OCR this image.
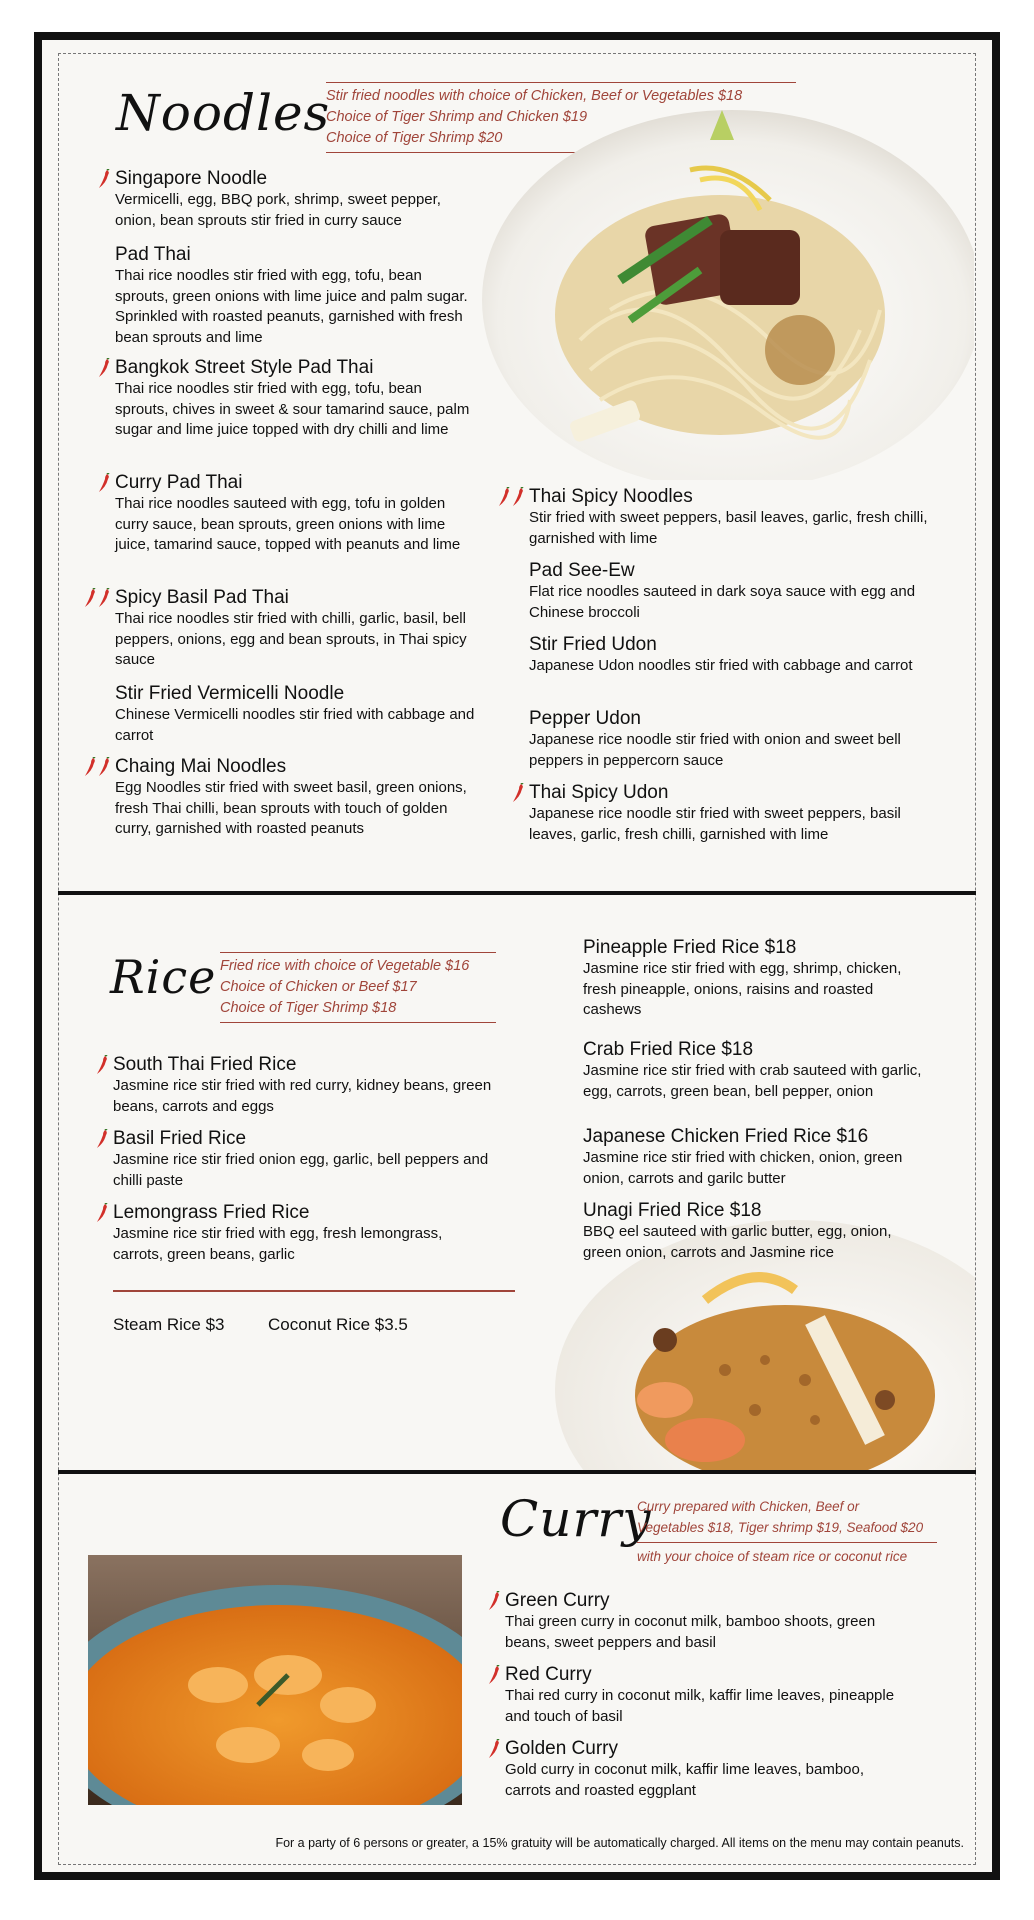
Noodles
Stir fried noodles with choice of Chicken, Beef or Vegetables $18
Choice of Tiger Shrimp and Chicken $19
Choice of Tiger Shrimp $20
Rice Fried rice with choice of Vegetable $16
Choice of Chicken or Beef $17
Choice of Tiger Shrimp $18
Steam Rice $3	Coconut Rice $3.5
Curry
Curry prepared with Chicken, Beef or
Vegetables $18, Tiger shrimp $19, Seafood $20
with your choice of steam rice or coconut rice
For a party of 6 persons or greater, a 15% gratuity will be automatically charged. All items on the menu may contain peanuts.
Singapore Noodle
Vermicelli, egg, BBQ pork, shrimp, sweet pepper, onion, bean sprouts stir fried in curry sauce
Pad Thai
Thai rice noodles stir fried with egg, tofu, bean sprouts, green onions with lime juice and palm sugar. Sprinkled with roasted peanuts, garnished with fresh bean sprouts and lime
Bangkok Street Style Pad Thai
Thai rice noodles stir fried with egg, tofu, bean sprouts, chives in sweet & sour tamarind sauce, palm sugar and lime juice topped with dry chilli and lime
Curry Pad Thai
Thai rice noodles sauteed with egg, tofu in golden curry sauce, bean sprouts, green onions with lime juice, tamarind sauce, topped with peanuts and lime
Spicy Basil Pad Thai
Thai rice noodles stir fried with chilli, garlic, basil, bell peppers, onions, egg and bean sprouts, in Thai spicy sauce
Stir Fried Vermicelli Noodle
Chinese Vermicelli noodles stir fried with cabbage and carrot
Chaing Mai Noodles
Egg Noodles stir fried with sweet basil, green onions, fresh Thai chilli, bean sprouts with touch of golden curry, garnished with roasted peanuts
Thai Spicy Noodles
Stir fried with sweet peppers, basil leaves, garlic, fresh chilli, garnished with lime
Pad See-Ew
Flat rice noodles sauteed in dark soya sauce with egg and Chinese broccoli
Stir Fried Udon
Japanese Udon noodles stir fried with cabbage and carrot
Pepper Udon
Japanese rice noodle stir fried with onion and sweet bell peppers in peppercorn sauce
Thai Spicy Udon
Japanese rice noodle stir fried with sweet peppers, basil leaves, garlic, fresh chilli, garnished with lime
South Thai Fried Rice
Jasmine rice stir fried with red curry, kidney beans, green beans, carrots and eggs
Basil Fried Rice
Jasmine rice stir fried onion egg, garlic, bell peppers and chilli paste
Lemongrass Fried Rice
Jasmine rice stir fried with egg, fresh lemongrass, carrots, green beans, garlic
Pineapple Fried Rice $18
Jasmine rice stir fried with egg, shrimp, chicken, fresh pineapple, onions, raisins and roasted cashews
Crab Fried Rice $18
Jasmine rice stir fried with crab sauteed with garlic, egg, carrots, green bean, bell pepper, onion
Japanese Chicken Fried Rice $16
Jasmine rice stir fried with chicken, onion, green onion, carrots and garilc butter
Unagi Fried Rice $18
BBQ eel sauteed with garlic butter, egg, onion, green onion, carrots and Jasmine rice
Green Curry
Thai green curry in coconut milk, bamboo shoots, green beans, sweet peppers and basil
Red Curry
Thai red curry in coconut milk, kaffir lime leaves, pineapple and touch of basil
Golden Curry
Gold curry in coconut milk, kaffir lime leaves, bamboo, carrots and roasted eggplant
